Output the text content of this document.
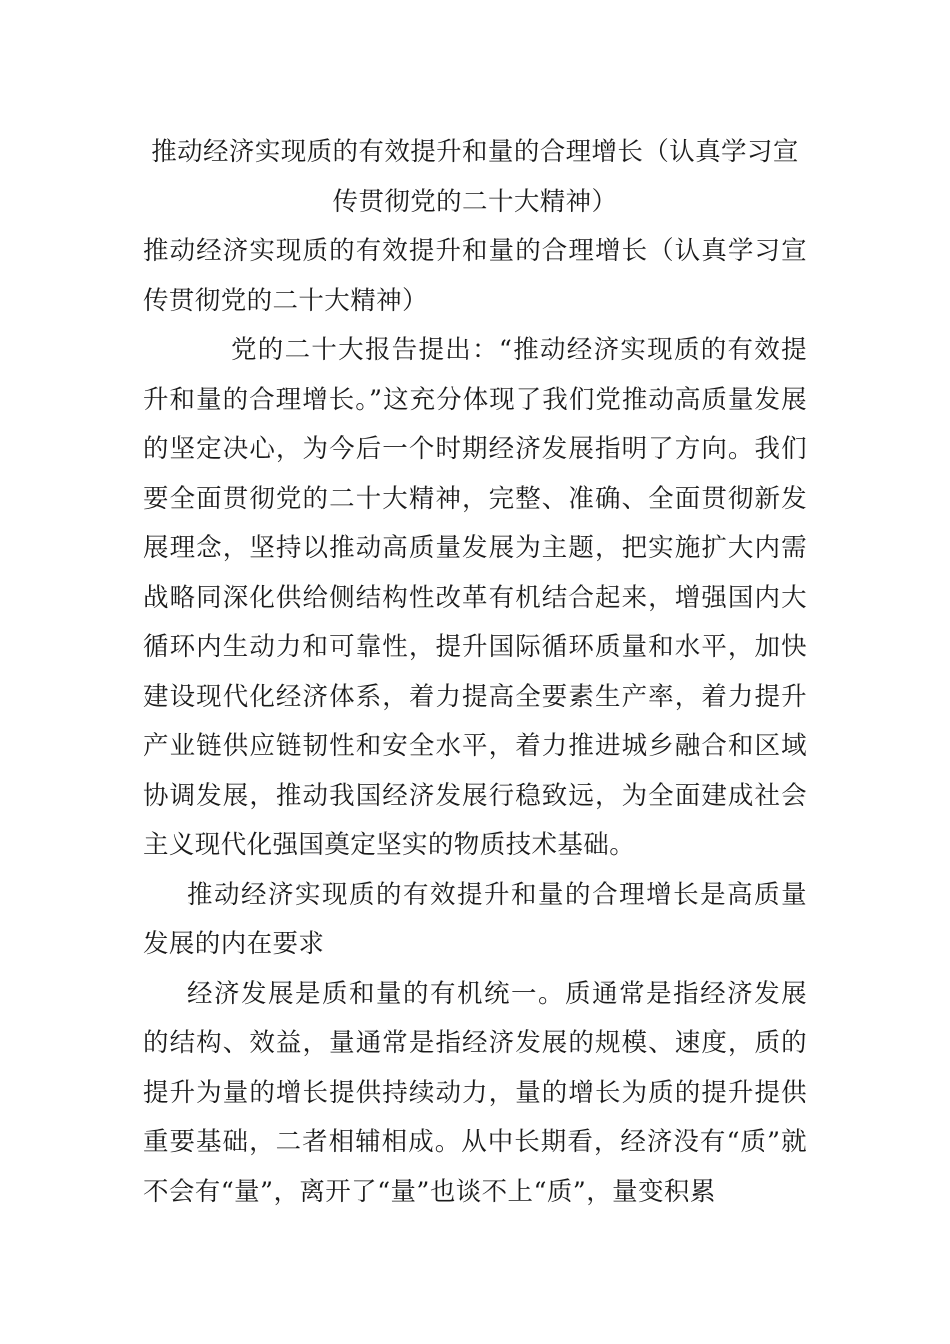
推动经济实现质的有效提升和量的合理增长（认真学习宣传贯彻党的二十大精神）

推动经济实现质的有效提升和量的合理增长（认真学习宣传贯彻党的二十大精神）

党的二十大报告提出：“推动经济实现质的有效提升和量的合理增长。”这充分体现了我们党推动高质量发展的坚定决心，为今后一个时期经济发展指明了方向。我们要全面贯彻党的二十大精神，完整、准确、全面贯彻新发展理念，坚持以推动高质量发展为主题，把实施扩大内需战略同深化供给侧结构性改革有机结合起来，增强国内大循环内生动力和可靠性，提升国际循环质量和水平，加快建设现代化经济体系，着力提高全要素生产率，着力提升产业链供应链韧性和安全水平，着力推进城乡融合和区域协调发展，推动我国经济发展行稳致远，为全面建成社会主义现代化强国奠定坚实的物质技术基础。

推动经济实现质的有效提升和量的合理增长是高质量发展的内在要求

经济发展是质和量的有机统一。质通常是指经济发展的结构、效益，量通常是指经济发展的规模、速度，质的提升为量的增长提供持续动力，量的增长为质的提升提供重要基础，二者相辅相成。从中长期看，经济没有“质”就不会有“量”，离开了“量”也谈不上“质”，量变积累
